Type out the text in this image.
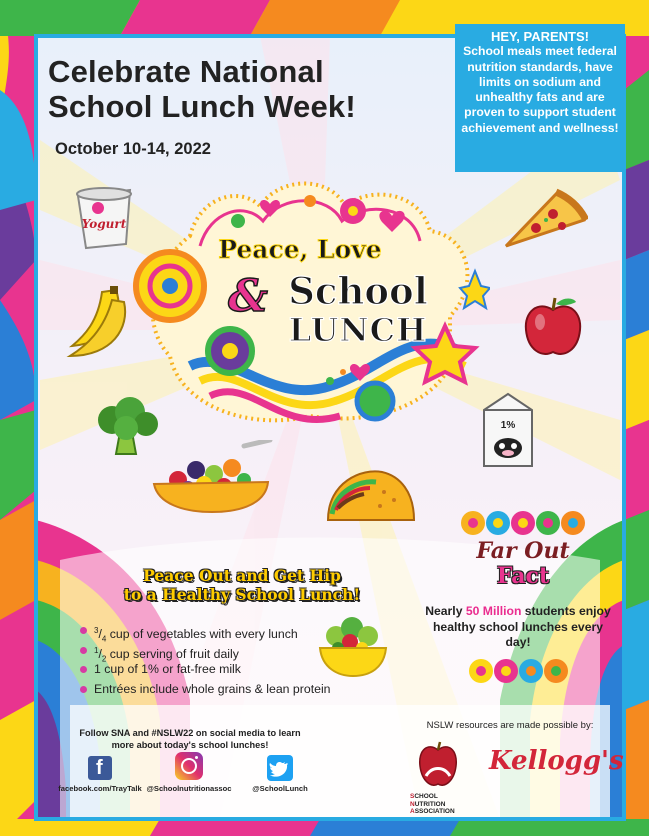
Celebrate National
School Lunch Week!
October 10-14, 2022
HEY, PARENTS!
School meals meet federal nutrition standards, have limits on sodium and unhealthy fats and are proven to support student achievement and wellness!
Peace, Love
& School
LUNCH
Yogurt
1%
Peace Out and Get Hip
to a Healthy School Lunch!
$^3/_4$ cup of vegetables with every lunch
$^1/_2$ cup serving of fruit daily
1 cup of 1% or fat-free milk
Entrées include whole grains & lean protein
Far Out
Fact
Nearly 50 Million students enjoy healthy school lunches every day!
Follow SNA and #NSLW22 on social media to learn more about today's school lunches!
f
facebook.com/TrayTalk @Schoolnutritionassoc	@SchoolLunch
NSLW resources are made possible by:
SCHOOL
NUTRITION
ASSOCIATION
Kellogg's
